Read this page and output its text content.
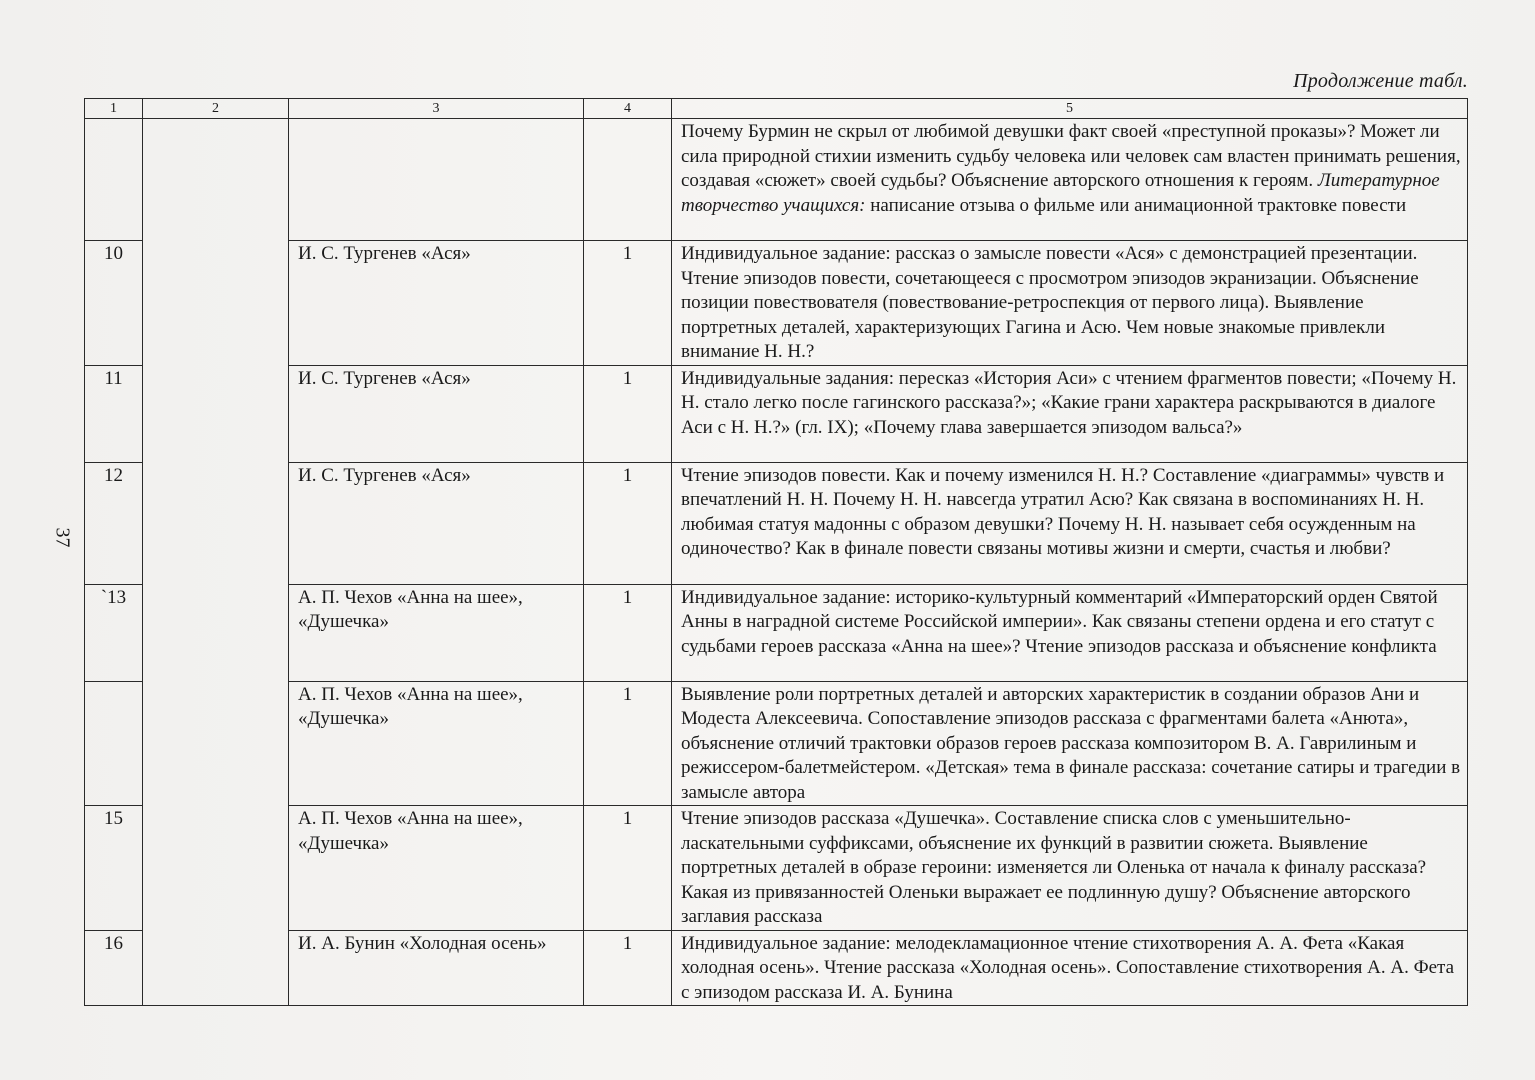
Продолжение табл.
37
1	2	3	4	5

				Почему Бурмин не скрыл от любимой девушки факт своей «преступной проказы»? Может ли сила природной стихии изменить судьбу человека или человек сам властен принимать решения, создавая «сюжет» своей судьбы? Объяснение авторского отношения к героям. Литературное творчество учащихся: написание отзыва о фильме или анимационной трактовке повести

10		И. С. Тургенев «Ася»	1	Индивидуальное задание: рассказ о замысле повести «Ася» с демонстрацией презентации. Чтение эпизодов повести, сочетающееся с просмотром эпизодов экранизации. Объяснение позиции повествователя (повествование-ретроспекция от первого лица). Выявление портретных деталей, характеризующих Гагина и Асю. Чем новые знакомые привлекли внимание Н. Н.?

11		И. С. Тургенев «Ася»	1	Индивидуальные задания: пересказ «История Аси» с чтением фрагментов повести; «Почему Н. Н. стало легко после гагинского рассказа?»; «Какие грани характера раскрываются в диалоге Аси с Н. Н.?» (гл. IX); «Почему глава завершается эпизодом вальса?»

12		И. С. Тургенев «Ася»	1	Чтение эпизодов повести. Как и почему изменился Н. Н.? Составление «диаграммы» чувств и впечатлений Н. Н. Почему Н. Н. навсегда утратил Асю? Как связана в воспоминаниях Н. Н. любимая статуя мадонны с образом девушки? Почему Н. Н. называет себя осужденным на одиночество? Как в финале повести связаны мотивы жизни и смерти, счастья и любви?

`13		А. П. Чехов «Анна на шее», «Душечка»	1	Индивидуальное задание: историко-культурный комментарий «Императорский орден Святой Анны в наградной системе Российской империи». Как связаны степени ордена и его статут с судьбами героев рассказа «Анна на шее»? Чтение эпизодов рассказа и объяснение конфликта

		А. П. Чехов «Анна на шее», «Душечка»	1	Выявление роли портретных деталей и авторских характеристик в создании образов Ани и Модеста Алексеевича. Сопоставление эпизодов рассказа с фрагментами балета «Анюта», объяснение отличий трактовки образов героев рассказа композитором В. А. Гаврилиным и режиссером-балетмейстером. «Детская» тема в финале рассказа: сочетание сатиры и трагедии в замысле автора

15		А. П. Чехов «Анна на шее», «Душечка»	1	Чтение эпизодов рассказа «Душечка». Составление списка слов с уменьшительно-ласкательными суффиксами, объяснение их функций в развитии сюжета. Выявление портретных деталей в образе героини: изменяется ли Оленька от начала к финалу рассказа? Какая из привязанностей Оленьки выражает ее подлинную душу? Объяснение авторского заглавия рассказа

16		И. А. Бунин «Холодная осень»	1	Индивидуальное задание: мелодекламационное чтение стихотворения А. А. Фета «Какая холодная осень». Чтение рассказа «Холодная осень». Сопоставление стихотворения А. А. Фета с эпизодом рассказа И. А. Бунина
